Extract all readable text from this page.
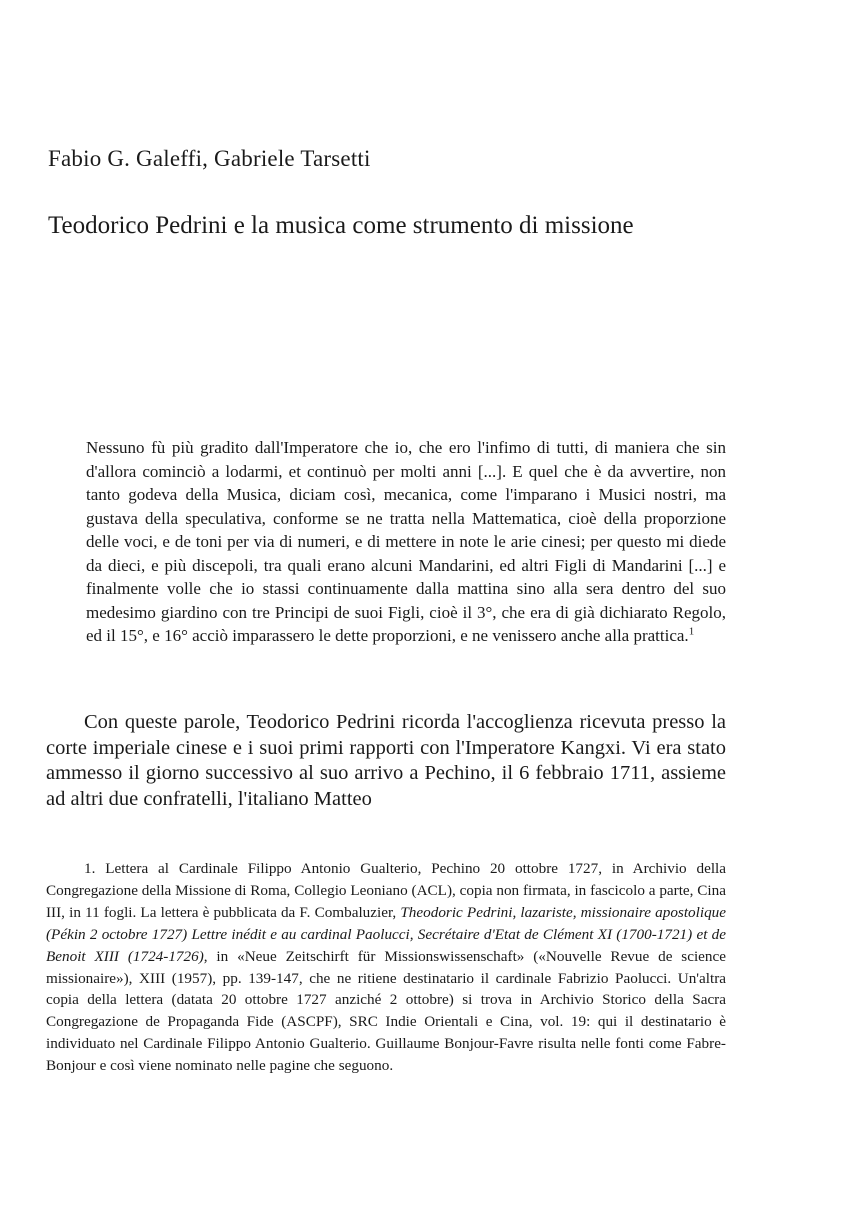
Fabio G. Galeffi, Gabriele Tarsetti
Teodorico Pedrini e la musica come strumento di missione
Nessuno fù più gradito dall'Imperatore che io, che ero l'infimo di tutti, di maniera che sin d'allora cominciò a lodarmi, et continuò per molti anni [...]. E quel che è da avvertire, non tanto godeva della Musica, diciam così, mecanica, come l'imparano i Musici nostri, ma gustava della speculativa, conforme se ne tratta nella Mattematica, cioè della proporzione delle voci, e de toni per via di numeri, e di mettere in note le arie cinesi; per questo mi diede da dieci, e più discepoli, tra quali erano alcuni Mandarini, ed altri Figli di Mandarini [...] e finalmente volle che io stassi continuamente dalla mattina sino alla sera dentro del suo medesimo giardino con tre Principi de suoi Figli, cioè il 3°, che era di già dichiarato Regolo, ed il 15°, e 16° acciò imparassero le dette proporzioni, e ne venissero anche alla prattica.$^1$
Con queste parole, Teodorico Pedrini ricorda l'accoglienza ricevuta presso la corte imperiale cinese e i suoi primi rapporti con l'Imperatore Kangxi. Vi era stato ammesso il giorno successivo al suo arrivo a Pechino, il 6 febbraio 1711, assieme ad altri due confratelli, l'italiano Matteo
1. Lettera al Cardinale Filippo Antonio Gualterio, Pechino 20 ottobre 1727, in Archivio della Congregazione della Missione di Roma, Collegio Leoniano (ACL), copia non firmata, in fascicolo a parte, Cina III, in 11 fogli. La lettera è pubblicata da F. Combaluzier, Theodoric Pedrini, lazariste, missionaire apostolique (Pékin 2 octobre 1727) Lettre inédit e au cardinal Paolucci, Secrétaire d'Etat de Clément XI (1700-1721) et de Benoit XIII (1724-1726), in «Neue Zeitschirft für Missionswissenschaft» («Nouvelle Revue de science missionaire»), XIII (1957), pp. 139-147, che ne ritiene destinatario il cardinale Fabrizio Paolucci. Un'altra copia della lettera (datata 20 ottobre 1727 anziché 2 ottobre) si trova in Archivio Storico della Sacra Congregazione de Propaganda Fide (ASCPF), SRC Indie Orientali e Cina, vol. 19: qui il destinatario è individuato nel Cardinale Filippo Antonio Gualterio. Guillaume Bonjour-Favre risulta nelle fonti come Fabre-Bonjour e così viene nominato nelle pagine che seguono.
